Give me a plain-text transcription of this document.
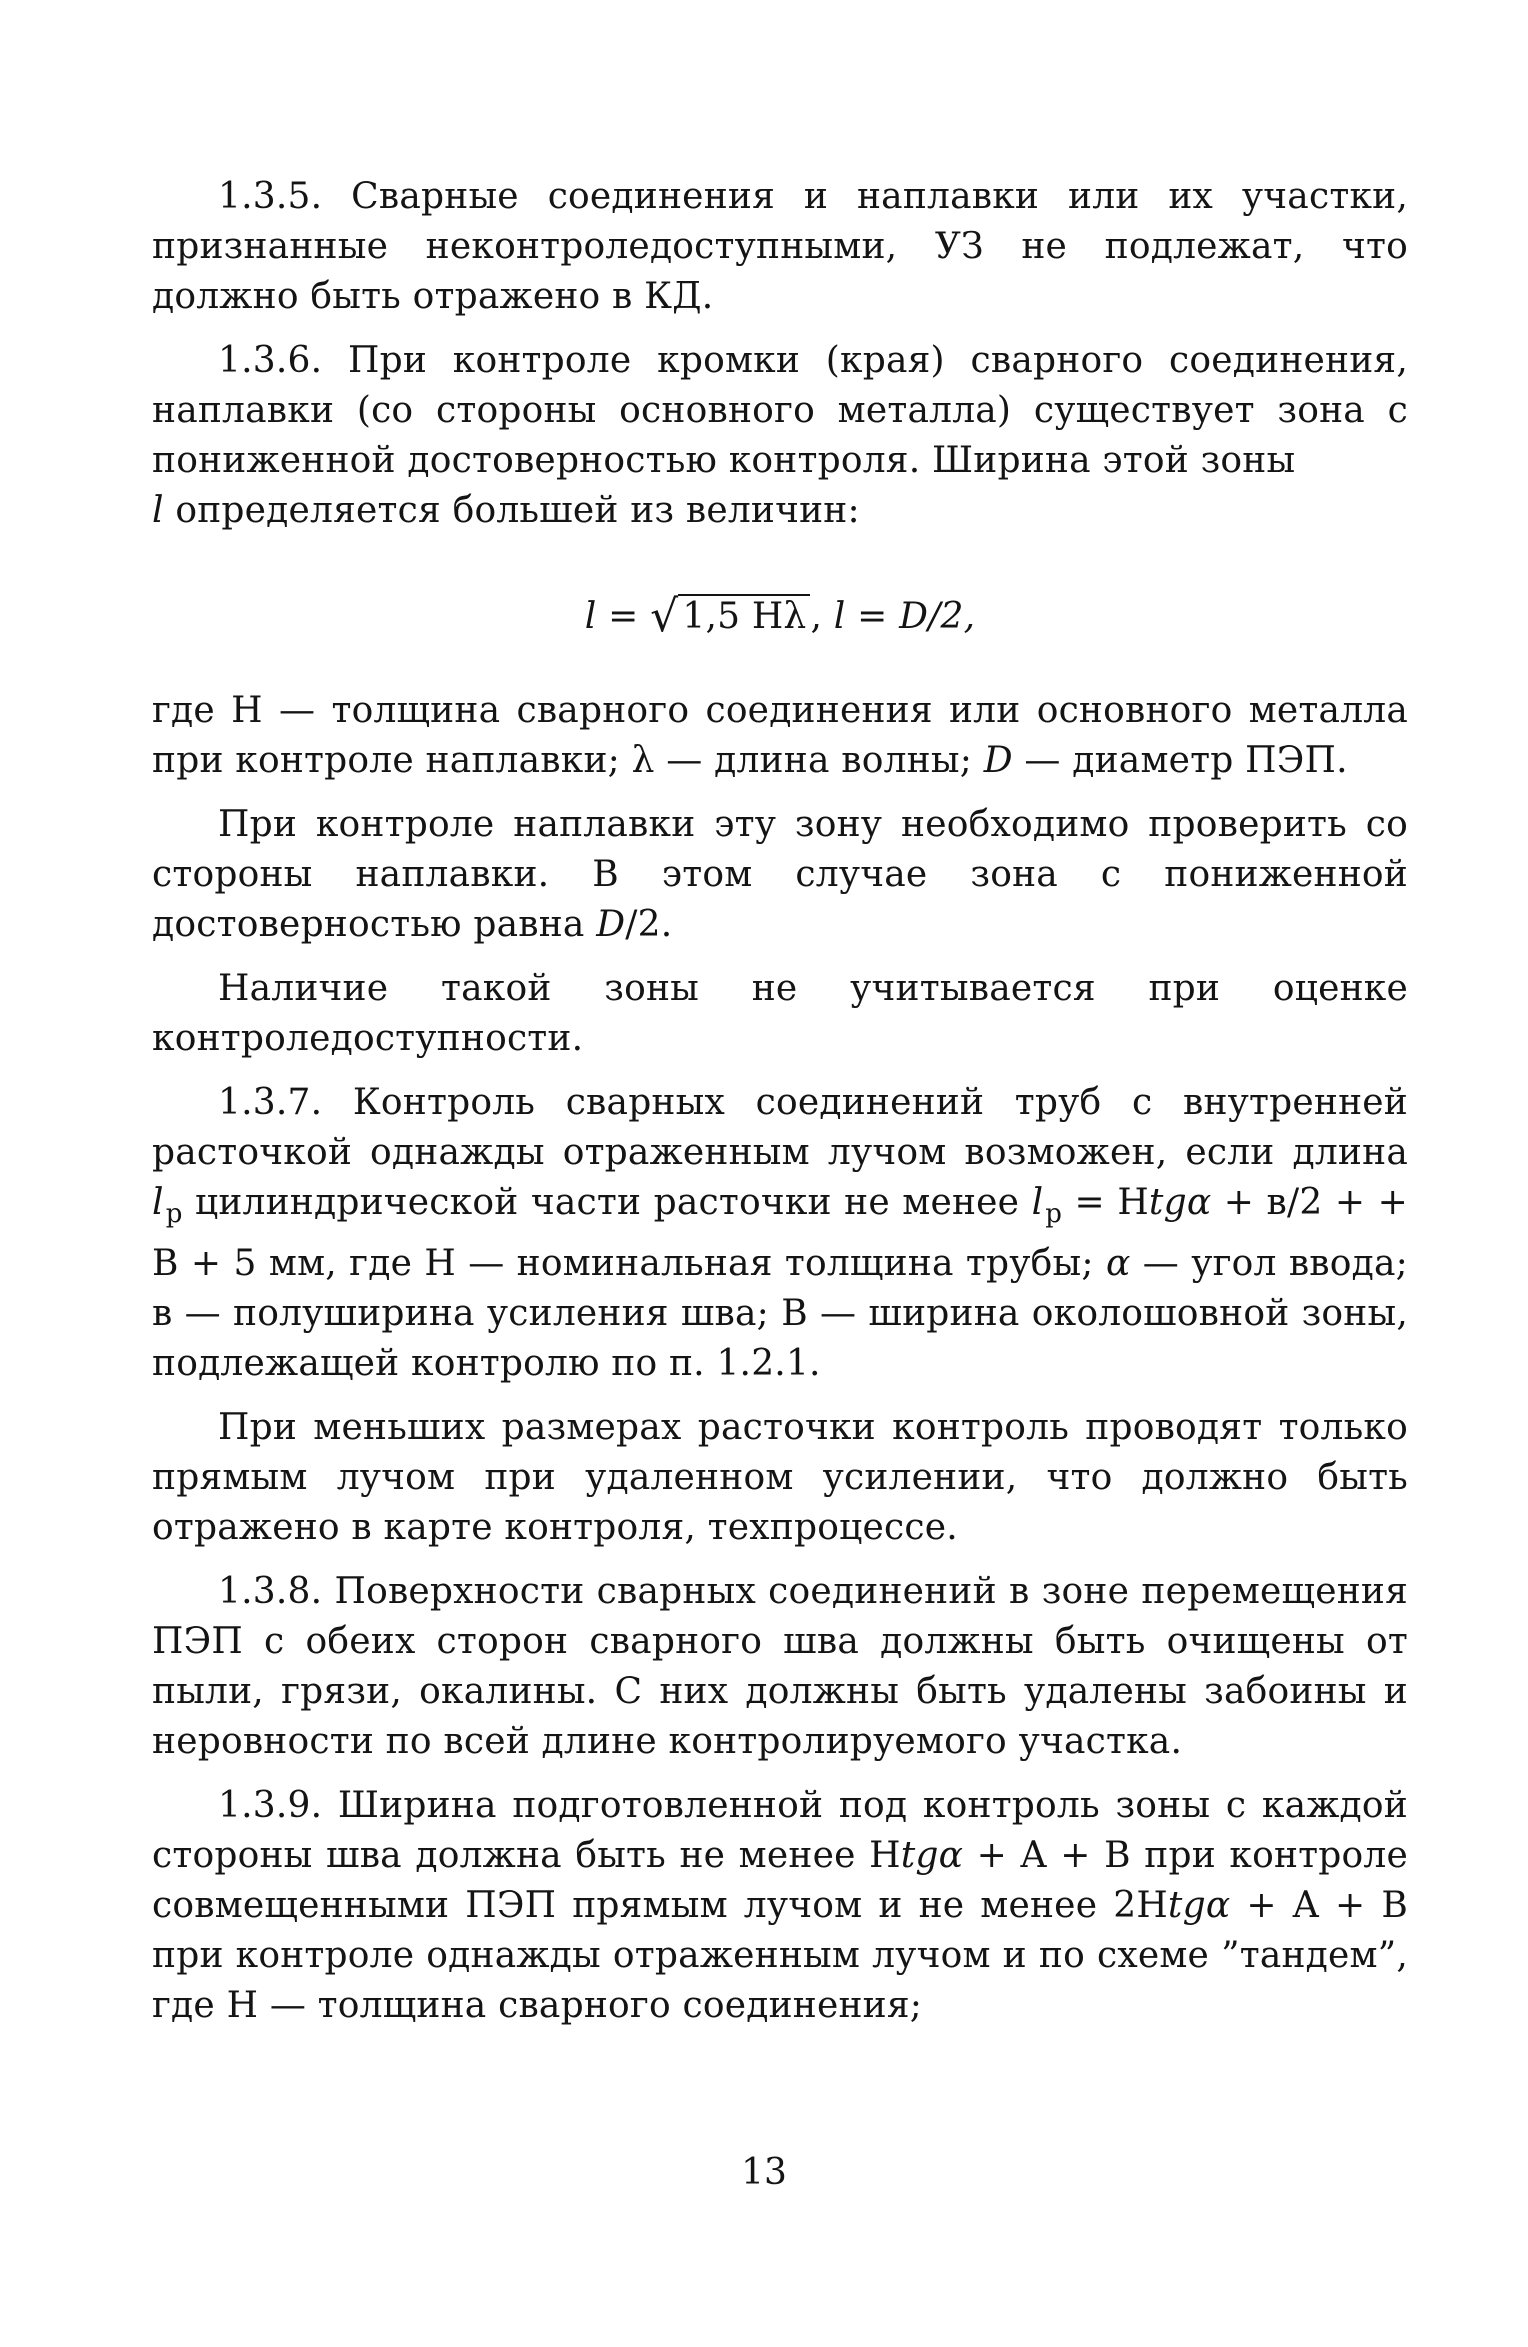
1.3.5. Сварные соединения и наплавки или их участки, признанные неконтроледоступными, УЗ не подлежат, что должно быть отражено в КД.

1.3.6. При контроле кромки (края) сварного соединения, наплавки (со стороны основного металла) существует зона с пониженной достоверностью контроля. Ширина этой зоны
l определяется большей из величин:

l = √ 1,5 Hλ , l = D/2,

где H — толщина сварного соединения или основного металла при контроле наплавки; λ — длина волны; D — диаметр ПЭП.

При контроле наплавки эту зону необходимо проверить со стороны наплавки. В этом случае зона с пониженной достоверностью равна D/2.

Наличие такой зоны не учитывается при оценке контроледоступности.

1.3.7. Контроль сварных соединений труб с внутренней расточкой однажды отраженным лучом возможен, если длина $l_р$ цилиндрической части расточки не менее $l_р = Htg\alpha + в/2$ + + B + 5 мм, где H — номинальная толщина трубы; α — угол ввода; в — полуширина усиления шва; B — ширина околошовной зоны, подлежащей контролю по п. 1.2.1.

При меньших размерах расточки контроль проводят только прямым лучом при удаленном усилении, что должно быть отражено в карте контроля, техпроцессе.

1.3.8. Поверхности сварных соединений в зоне перемещения ПЭП с обеих сторон сварного шва должны быть очищены от пыли, грязи, окалины. С них должны быть удалены забоины и неровности по всей длине контролируемого участка.

1.3.9. Ширина подготовленной под контроль зоны с каждой стороны шва должна быть не менее Htgα + A + B при контроле совмещенными ПЭП прямым лучом и не менее 2Htgα + A + B при контроле однажды отраженным лучом и по схеме ”тандем”, где H — толщина сварного соединения;

13
